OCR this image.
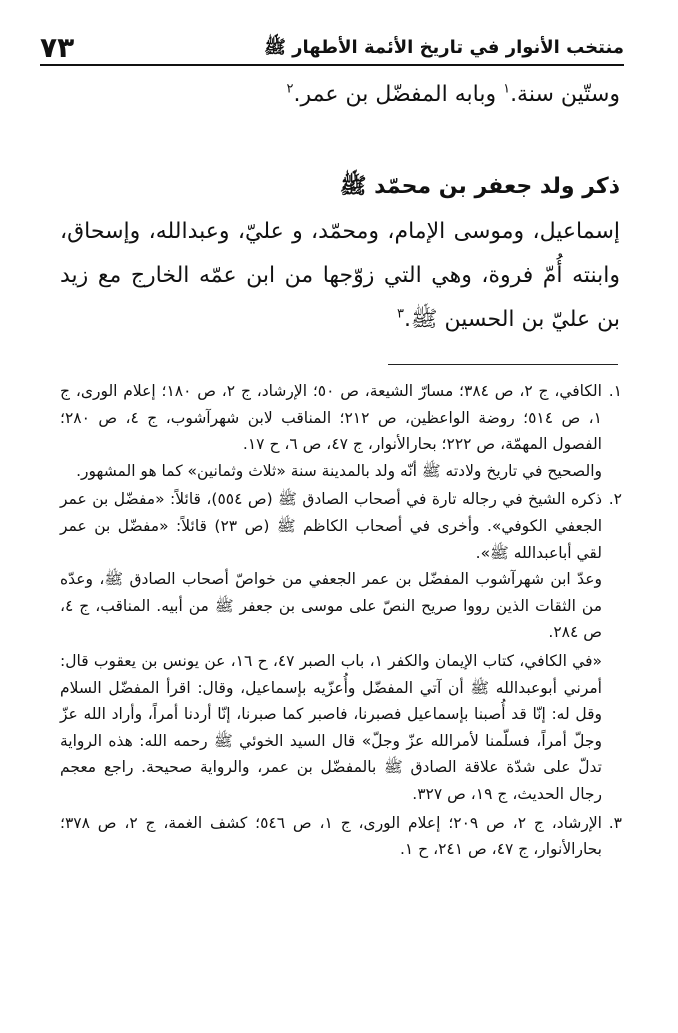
منتخب الأنوار في تاريخ الأئمة الأطهار ﷺ
٧٣
وستّين سنة.$^١$ وبابه المفضّل بن عمر.$^٢$
ذكر ولد جعفر بن محمّد ﷺ
إسماعيل، وموسى الإمام، ومحمّد، و عليّ، وعبدالله، وإسحاق، وابنته أُمّ فروة، وهي التي زوّجها من ابن عمّه الخارج مع زيد بن عليّ بن الحسين ﷺ.$^٣$

١.
الكافي، ج ٢، ص ٣٨٤؛ مسارّ الشيعة، ص ٥٠؛ الإرشاد، ج ٢، ص ١٨٠؛ إعلام الورى، ج ١، ص ٥١٤؛ روضة الواعظين، ص ٢١٢؛ المناقب لابن شهرآشوب، ج ٤، ص ٢٨٠؛ الفصول المهمّة، ص ٢٢٢؛ بحارالأنوار، ج ٤٧، ص ٦، ح ١٧.

والصحيح في تاريخ ولادته ﷺ أنّه ولد بالمدينة سنة «ثلاث وثمانين» كما هو المشهور.

٢.
ذكره الشيخ في رجاله تارة في أصحاب الصادق ﷺ (ص ٥٥٤)، قائلاً: «مفضّل بن عمر الجعفي الكوفي». وأخرى في أصحاب الكاظم ﷺ (ص ٢٣) قائلاً: «مفضّل بن عمر لقي أباعبدالله ﷺ».

وعدّ ابن شهرآشوب المفضّل بن عمر الجعفي من خواصّ أصحاب الصادق ﷺ، وعدّه من الثقات الذين رووا صريح النصّ على موسى بن جعفر ﷺ من أبيه. المناقب، ج ٤، ص ٢٨٤.

«في الكافي، كتاب الإيمان والكفر ١، باب الصبر ٤٧، ح ١٦، عن يونس بن يعقوب قال: أمرني أبوعبدالله ﷺ أن آتي المفضّل وأُعزّيه بإسماعيل، وقال: اقرأ المفضّل السلام وقل له: إنّا قد أُصبنا بإسماعيل فصبرنا، فاصبر كما صبرنا، إنّا أردنا أمراً، وأراد الله عزّ وجلّ أمراً، فسلّمنا لأمرالله عزّ وجلّ» قال السيد الخوئي ﷺ رحمه الله: هذه الرواية تدلّ على شدّة علاقة الصادق ﷺ بالمفضّل بن عمر، والرواية صحيحة. راجع معجم رجال الحديث، ج ١٩، ص ٣٢٧.

٣.
الإرشاد، ج ٢، ص ٢٠٩؛ إعلام الورى، ج ١، ص ٥٤٦؛ كشف الغمة، ج ٢، ص ٣٧٨؛ بحارالأنوار، ج ٤٧، ص ٢٤١، ح ١.
